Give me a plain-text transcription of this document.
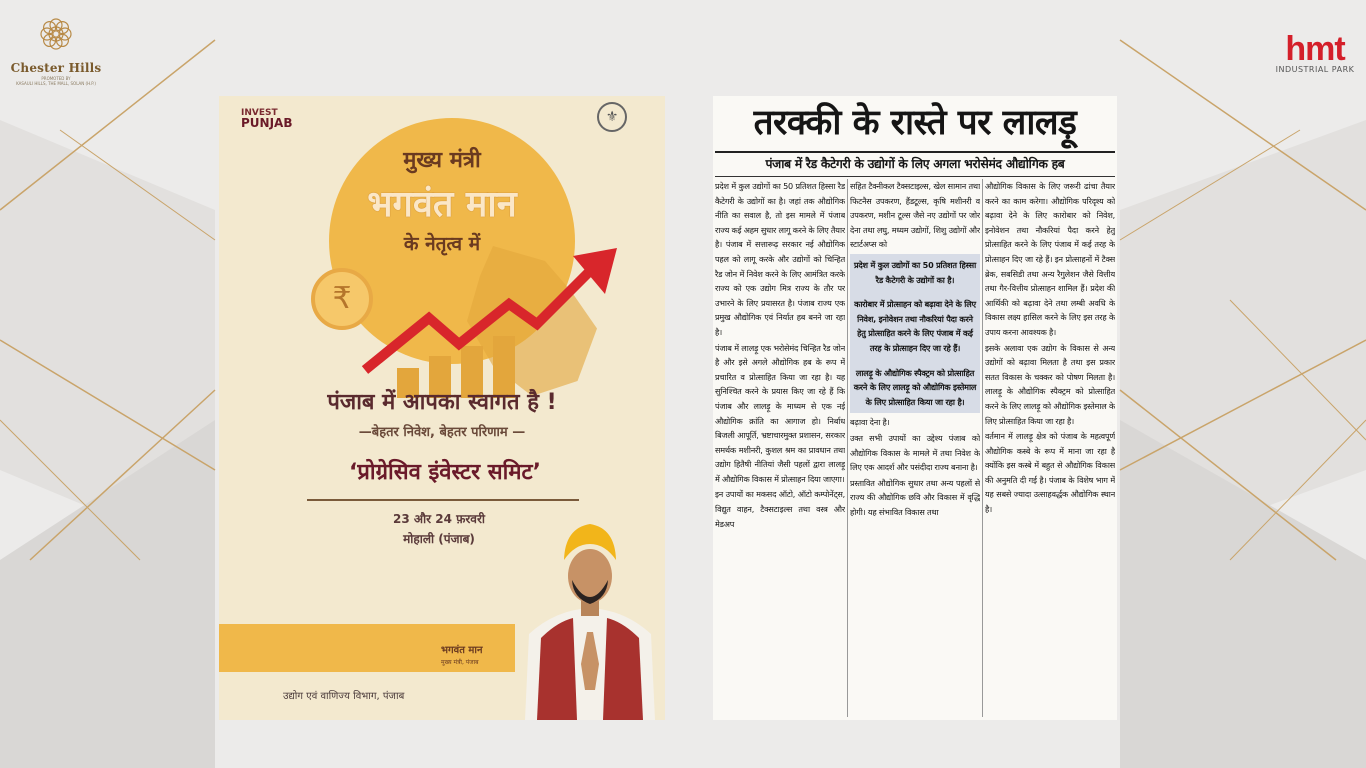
Chester Hills
PROMOTED BY
KASAULI HILLS, THE MALL, SOLAN (H.P.)
hmt
INDUSTRIAL PARK
INVEST
PUNJAB	⚜
मुख्य मंत्री
भगवंत मान
के नेतृत्व में
₹
पंजाब में आपका स्वागत है !
—बेहतर निवेश, बेहतर परिणाम —
‘प्रोग्रेसिव इंवेस्टर समिट’
23 और 24 फ़रवरी
मोहाली (पंजाब)
भगवंत मान
मुख्य मंत्री, पंजाब
उद्योग एवं वाणिज्य विभाग, पंजाब
तरक्की के रास्ते पर लालड़ू
पंजाब में रैड कैटेगरी के उद्योगों के लिए अगला भरोसेमंद औद्योगिक हब

प्रदेश में कुल उद्योगों का 50 प्रतिशत हिस्सा रैड कैटेगरी के उद्योगों का है। जहां तक औद्योगिक नीति का सवाल है, तो इस मामले में पंजाब राज्य कई अहम सुधार लागू करने के लिए तैयार है। पंजाब में सत्तारूढ़ सरकार नई औद्योगिक पहल को लागू करके और उद्योगों को चिन्हित रैड जोन में निवेश करने के लिए आमंत्रित करके राज्य को एक उद्योग मित्र राज्य के तौर पर उभारने के लिए प्रयासरत है। पंजाब राज्य एक प्रमुख औद्योगिक एवं निर्यात हब बनने जा रहा है।

पंजाब में लालड़ू एक भरोसेमंद चिन्हित रैड जोन है और इसे अगले औद्योगिक हब के रूप में प्रचारित व प्रोत्साहित किया जा रहा है। यह सुनिश्चित करने के प्रयास किए जा रहे हैं कि पंजाब और लालड़ू के माध्यम से एक नई औद्योगिक क्रांति का आगाज हो। निर्बाध बिजली आपूर्ति, भ्रष्टाचारमुक्त प्रशासन, सरकार समर्थक मशीनरी, कुशल श्रम का प्रावधान तथा उद्योग हितैषी नीतियां जैसी पहलों द्वारा लालड़ू में औद्योगिक विकास में प्रोत्साहन दिया जाएगा।

इन उपायों का मकसद ऑटो, ऑटो कम्पोनेंट्स, विद्युत वाहन, टैक्सटाइल्स तथा वस्त्र और मेडअप

सहित टैक्नीकल टैक्सटाइल्स, खेल सामान तथा फिटनैस उपकरण, हैंडटूल्स, कृषि मशीनरी व उपकरण, मशीन टूल्स जैसे नए उद्योगों पर जोर देना तथा लघु, मध्यम उद्योगों, शिशु उद्योगों और स्टार्टअप्स को

प्रदेश में कुल उद्योगों का 50 प्रतिशत हिस्सा रैड कैटेगरी के उद्योगों का है।

कारोबार में प्रोत्साहन को बढ़ावा देने के लिए निवेश, इनोवेशन तथा नौकरियां पैदा करने हेतु प्रोत्साहित करने के लिए पंजाब में कई तरह के प्रोत्साहन दिए जा रहे हैं।

लालड़ू के औद्योगिक स्पैक्ट्रम को प्रोत्साहित करने के लिए लालड़ू को औद्योगिक इस्तेमाल के लिए प्रोत्साहित किया जा रहा है।

बढ़ावा देना है।

उक्त सभी उपायों का उद्देश्य पंजाब को औद्योगिक विकास के मामले में तथा निवेश के लिए एक आदर्श और पसंदीदा राज्य बनाना है।

प्रस्तावित औद्योगिक सुधार तथा अन्य पहलों से राज्य की औद्योगिक छवि और विकास में वृद्धि होगी। यह संभावित विकास तथा

औद्योगिक विकास के लिए जरूरी ढांचा तैयार करने का काम करेगा। औद्योगिक परिदृश्य को बढ़ावा देने के लिए कारोबार को निवेश, इनोवेशन तथा नौकरियां पैदा करने हेतु प्रोत्साहित करने के लिए पंजाब में कई तरह के प्रोत्साहन दिए जा रहे हैं। इन प्रोत्साहनों में टैक्स ब्रेक, सबसिडी तथा अन्य रैगुलेशन जैसे वित्तीय तथा गैर-वित्तीय प्रोत्साहन शामिल हैं। प्रदेश की आर्थिकी को बढ़ावा देने तथा लम्बी अवधि के विकास लक्ष्य हासिल करने के लिए इस तरह के उपाय करना आवश्यक है।

इसके अलावा एक उद्योग के विकास से अन्य उद्योगों को बढ़ावा मिलता है तथा इस प्रकार सतत विकास के चक्कर को पोषण मिलता है। लालड़ू के औद्योगिक स्पैक्ट्रम को प्रोत्साहित करने के लिए लालड़ू को औद्योगिक इस्तेमाल के लिए प्रोत्साहित किया जा रहा है।

वर्तमान में लालड़ू क्षेत्र को पंजाब के महत्वपूर्ण औद्योगिक कस्बे के रूप में माना जा रहा है क्योंकि इस कस्बे में बहुत से औद्योगिक विकास की अनुमति दी गई है। पंजाब के विशेष भाग में यह सबसे ज्यादा उत्साहवर्द्धक औद्योगिक स्थान है।
